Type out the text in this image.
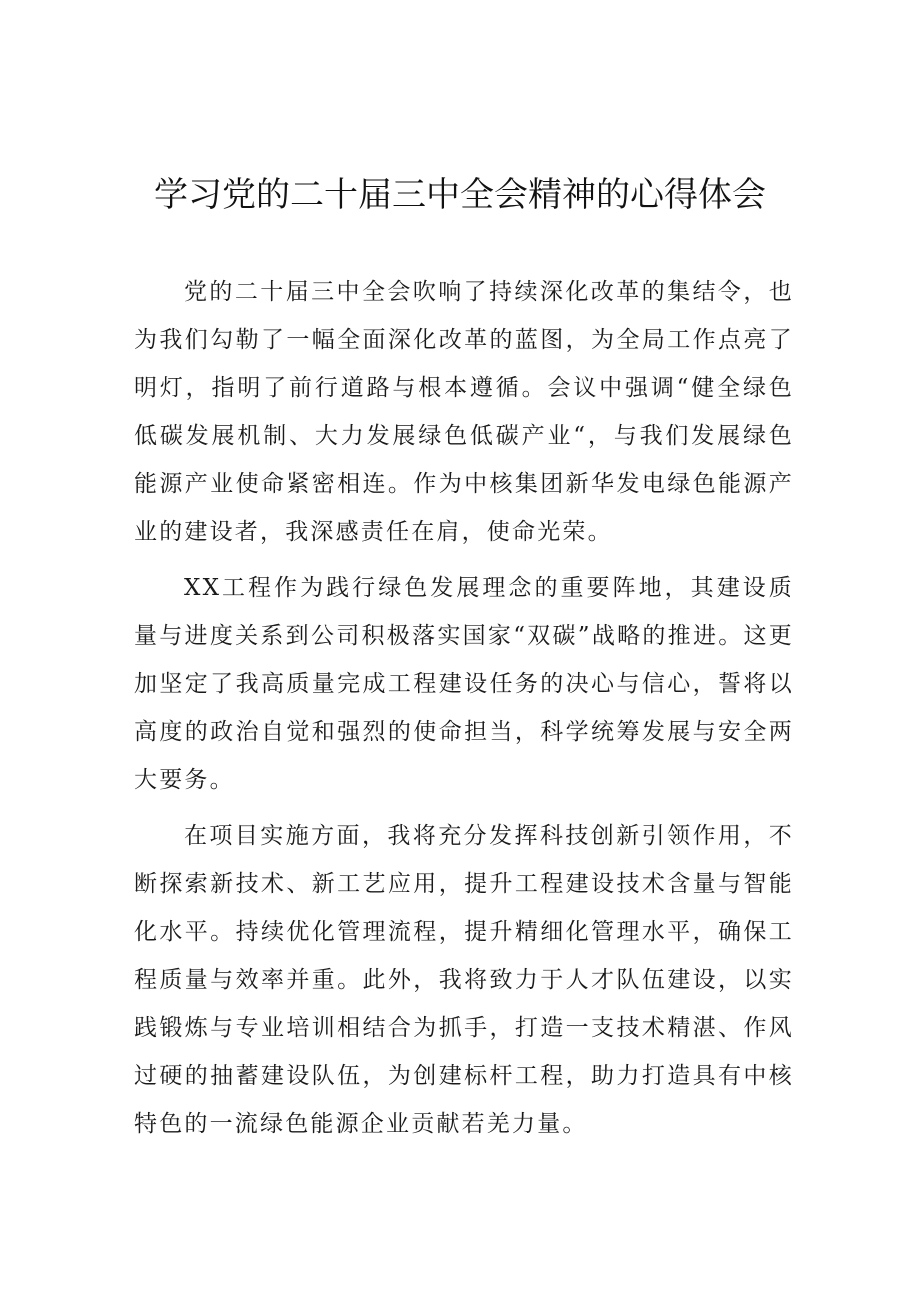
学习党的二十届三中全会精神的心得体会

党的二十届三中全会吹响了持续深化改革的集结令，也为我们勾勒了一幅全面深化改革的蓝图，为全局工作点亮了明灯，指明了前行道路与根本遵循。会议中强调“健全绿色低碳发展机制、大力发展绿色低碳产业“，与我们发展绿色能源产业使命紧密相连。作为中核集团新华发电绿色能源产业的建设者，我深感责任在肩，使命光荣。

XX工程作为践行绿色发展理念的重要阵地，其建设质量与进度关系到公司积极落实国家“双碳”战略的推进。这更加坚定了我高质量完成工程建设任务的决心与信心，誓将以高度的政治自觉和强烈的使命担当，科学统筹发展与安全两大要务。

在项目实施方面，我将充分发挥科技创新引领作用，不断探索新技术、新工艺应用，提升工程建设技术含量与智能化水平。持续优化管理流程，提升精细化管理水平，确保工程质量与效率并重。此外，我将致力于人才队伍建设，以实践锻炼与专业培训相结合为抓手，打造一支技术精湛、作风过硬的抽蓄建设队伍，为创建标杆工程，助力打造具有中核特色的一流绿色能源企业贡献若羌力量。
